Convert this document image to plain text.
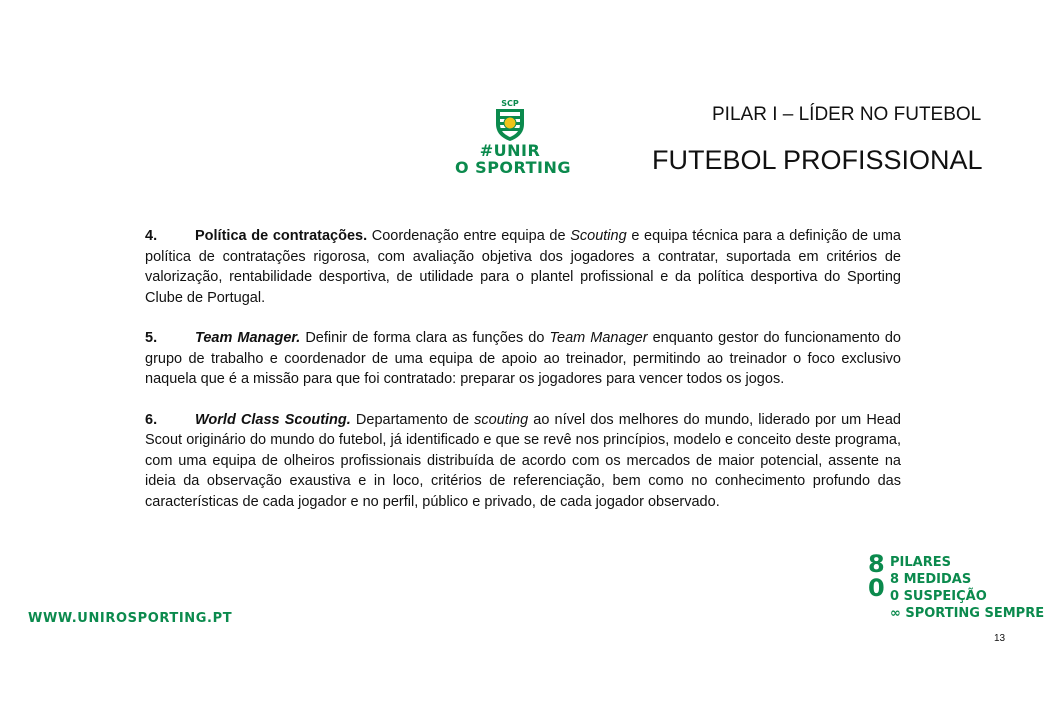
SCP
#UNIR
O SPORTING
PILAR I – LÍDER NO FUTEBOL
FUTEBOL PROFISSIONAL

4.	Política de contratações. Coordenação entre equipa de Scouting e equipa técnica para a definição de uma política de contratações rigorosa, com avaliação objetiva dos jogadores a contratar, suportada em critérios de valorização, rentabilidade desportiva, de utilidade para o plantel profissional e da política desportiva do Sporting Clube de Portugal.

5.	Team Manager. Definir de forma clara as funções do Team Manager enquanto gestor do funcionamento do grupo de trabalho e coordenador de uma equipa de apoio ao treinador, permitindo ao treinador o foco exclusivo naquela que é a missão para que foi contratado: preparar os jogadores para vencer todos os jogos.

6.	World Class Scouting. Departamento de scouting ao nível dos melhores do mundo, liderado por um Head Scout originário do mundo do futebol, já identificado e que se revê nos princípios, modelo e conceito deste programa, com uma equipa de olheiros profissionais distribuída de acordo com os mercados de maior potencial, assente na ideia da observação exaustiva e in loco, critérios de referenciação, bem como no conhecimento profundo das características de cada jogador e no perfil, público e privado, de cada jogador observado.

WWW.UNIROSPORTING.PT
8
0
PILARES
8 MEDIDAS
0 SUSPEIÇÃO
∞ SPORTING SEMPRE
13
